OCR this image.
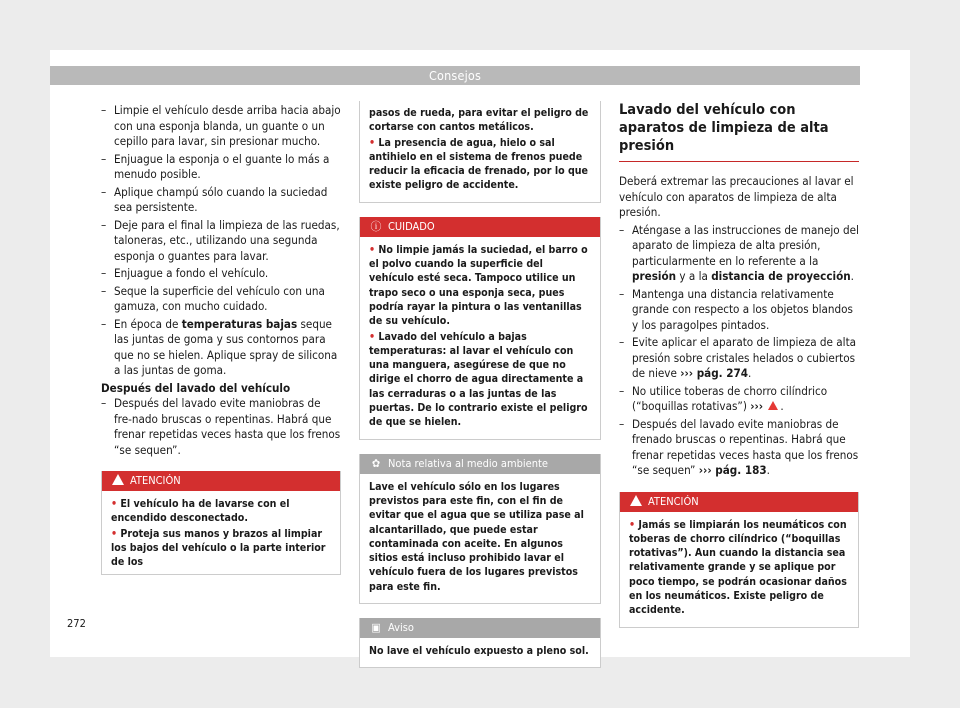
Consejos
– Limpie el vehículo desde arriba hacia abajo con una esponja blanda, un guante o un cepillo para lavar, sin presionar mucho.
– Enjuague la esponja o el guante lo más a menudo posible.
– Aplique champú sólo cuando la suciedad sea persistente.
– Deje para el final la limpieza de las ruedas, taloneras, etc., utilizando una segunda esponja o guantes para lavar.
– Enjuague a fondo el vehículo.
– Seque la superficie del vehículo con una gamuza, con mucho cuidado.
– En época de temperaturas bajas seque las juntas de goma y sus contornos para que no se hielen. Aplique spray de silicona a las juntas de goma.
Después del lavado del vehículo
– Después del lavado evite maniobras de fre-nado bruscas o repentinas. Habrá que frenar repetidas veces hasta que los frenos “se sequen”.
ATENCIÓN

• El vehículo ha de lavarse con el encendido desconectado.

• Proteja sus manos y brazos al limpiar los bajos del vehículo o la parte interior de los

pasos de rueda, para evitar el peligro de cortarse con cantos metálicos.

• La presencia de agua, hielo o sal antihielo en el sistema de frenos puede reducir la eficacia de frenado, por lo que existe peligro de accidente.

ⓘ CUIDADO

• No limpie jamás la suciedad, el barro o el polvo cuando la superficie del vehículo esté seca. Tampoco utilice un trapo seco o una esponja seca, pues podría rayar la pintura o las ventanillas de su vehículo.

• Lavado del vehículo a bajas temperaturas: al lavar el vehículo con una manguera, asegúrese de que no dirige el chorro de agua directamente a las cerraduras o a las juntas de las puertas. De lo contrario existe el peligro de que se hielen.

✿ Nota relativa al medio ambiente

Lave el vehículo sólo en los lugares previstos para este fin, con el fin de evitar que el agua que se utiliza pase al alcantarillado, que puede estar contaminada con aceite. En algunos sitios está incluso prohibido lavar el vehículo fuera de los lugares previstos para este fin.

▣ Aviso

No lave el vehículo expuesto a pleno sol.

Lavado del vehículo con aparatos de limpieza de alta presión
Deberá extremar las precauciones al lavar el vehículo con aparatos de limpieza de alta presión.
– Aténgase a las instrucciones de manejo del aparato de limpieza de alta presión, particularmente en lo referente a la presión y a la distancia de proyección.
– Mantenga una distancia relativamente grande con respecto a los objetos blandos y los paragolpes pintados.
– Evite aplicar el aparato de limpieza de alta presión sobre cristales helados o cubiertos de nieve ››› pág. 274.
– No utilice toberas de chorro cilíndrico (“boquillas rotativas”) ››› .
– Después del lavado evite maniobras de frenado bruscas o repentinas. Habrá que frenar repetidas veces hasta que los frenos “se sequen” ››› pág. 183.
ATENCIÓN

• Jamás se limpiarán los neumáticos con toberas de chorro cilíndrico (“boquillas rotativas”). Aun cuando la distancia sea relativamente grande y se aplique por poco tiempo, se podrán ocasionar daños en los neumáticos. Existe peligro de accidente.

272
